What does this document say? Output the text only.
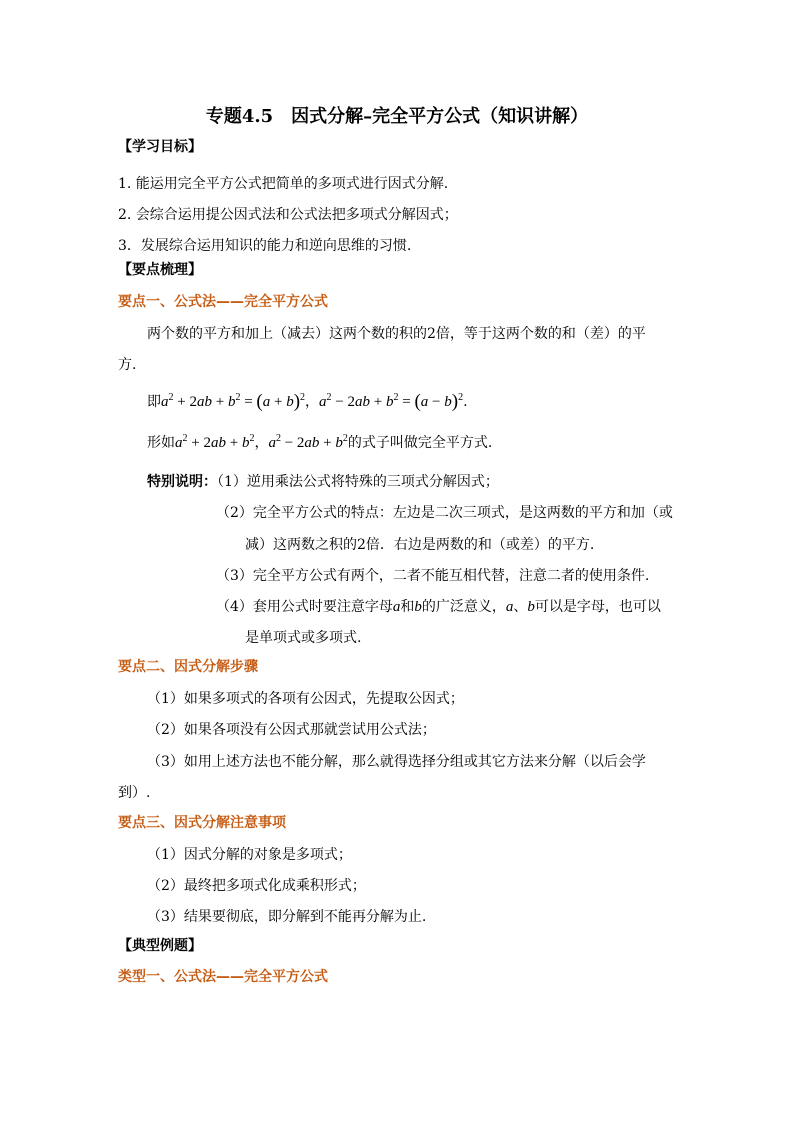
专题4.5　因式分解–完全平方公式（知识讲解）
【学习目标】
1. 能运用完全平方公式把简单的多项式进行因式分解.
2. 会综合运用提公因式法和公式法把多项式分解因式；
3．发展综合运用知识的能力和逆向思维的习惯.
【要点梳理】
要点一、公式法——完全平方公式
两个数的平方和加上（减去）这两个数的积的2倍，等于这两个数的和（差）的平
方.
即$a^2 + 2ab + b^2 = (a + b)^2$，$a^2 - 2ab + b^2 = (a - b)^2$.
形如$a^2 + 2ab + b^2$，$a^2 - 2ab + b^2$的式子叫做完全平方式.
特别说明：（1）逆用乘法公式将特殊的三项式分解因式；
（2）完全平方公式的特点：左边是二次三项式，是这两数的平方和加（或
减）这两数之积的2倍．右边是两数的和（或差）的平方.
（3）完全平方公式有两个，二者不能互相代替，注意二者的使用条件.
（4）套用公式时要注意字母a和b的广泛意义，a、b可以是字母，也可以
是单项式或多项式.
要点二、因式分解步骤
（1）如果多项式的各项有公因式，先提取公因式；
（2）如果各项没有公因式那就尝试用公式法；
（3）如用上述方法也不能分解，那么就得选择分组或其它方法来分解（以后会学
到）.
要点三、因式分解注意事项
（1）因式分解的对象是多项式；
（2）最终把多项式化成乘积形式；
（3）结果要彻底，即分解到不能再分解为止.
【典型例题】
类型一、公式法——完全平方公式
